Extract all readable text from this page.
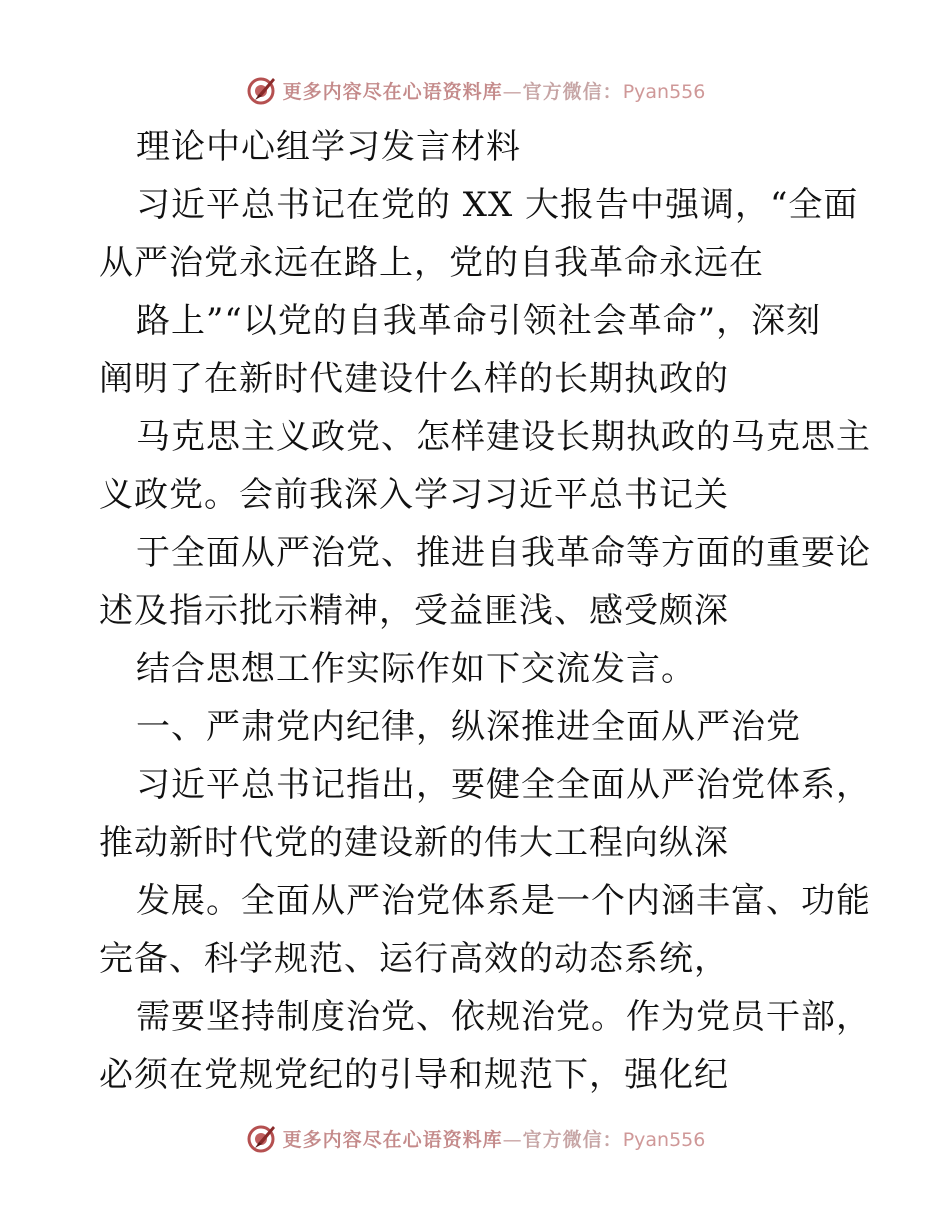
更多内容尽在心语资料库—官方微信：Pyan556
理论中心组学习发言材料
习近平总书记在党的 XX 大报告中强调，“全面
从严治党永远在路上，党的自我革命永远在
路上”“以党的自我革命引领社会革命”，深刻
阐明了在新时代建设什么样的长期执政的
马克思主义政党、怎样建设长期执政的马克思主
义政党。会前我深入学习习近平总书记关
于全面从严治党、推进自我革命等方面的重要论
述及指示批示精神，受益匪浅、感受颇深
结合思想工作实际作如下交流发言。
一、严肃党内纪律，纵深推进全面从严治党
习近平总书记指出，要健全全面从严治党体系，
推动新时代党的建设新的伟大工程向纵深
发展。全面从严治党体系是一个内涵丰富、功能
完备、科学规范、运行高效的动态系统，
需要坚持制度治党、依规治党。作为党员干部，
必须在党规党纪的引导和规范下，强化纪
更多内容尽在心语资料库—官方微信：Pyan556
